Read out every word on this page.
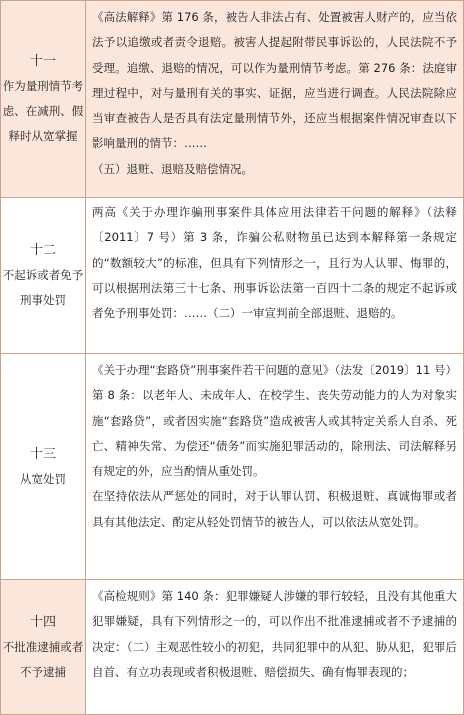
十一
作为量刑情节考
虑、在减刑、假
释时从宽掌握

《高法解释》第 176 条，被告人非法占有、处置被害人财产的，应当依法予以追缴或者责令退赔。被害人提起附带民事诉讼的，人民法院不予受理。追缴、退赔的情况，可以作为量刑情节考虑。第 276 条：法庭审理过程中，对与量刑有关的事实、证据，应当进行调查。人民法院除应当审查被告人是否具有法定量刑情节外，还应当根据案件情况审查以下影响量刑的情节：……

（五）退赃、退赔及赔偿情况。

十二
不起诉或者免予
刑事处罚

两高《关于办理诈骗刑事案件具体应用法律若干问题的解释》（法释〔2011〕7 号）第 3 条，诈骗公私财物虽已达到本解释第一条规定的“数额较大”的标准，但具有下列情形之一，且行为人认罪、悔罪的，可以根据刑法第三十七条、刑事诉讼法第一百四十二条的规定不起诉或者免予刑事处罚：……（二）一审宣判前全部退赃、退赔的。

十三
从宽处罚

《关于办理“套路贷”刑事案件若干问题的意见》（法发〔2019〕11 号）第 8 条：以老年人、未成年人、在校学生、丧失劳动能力的人为对象实施“套路贷”，或者因实施“套路贷”造成被害人或其特定关系人自杀、死亡、精神失常、为偿还“债务”而实施犯罪活动的，除刑法、司法解释另有规定的外，应当酌情从重处罚。

在坚持依法从严惩处的同时，对于认罪认罚、积极退赃、真诚悔罪或者具有其他法定、酌定从轻处罚情节的被告人，可以依法从宽处罚。

十四
不批准逮捕或者
不予逮捕

《高检规则》第 140 条：犯罪嫌疑人涉嫌的罪行较轻，且没有其他重大犯罪嫌疑，具有下列情形之一的，可以作出不批准逮捕或者不予逮捕的决定：（二）主观恶性较小的初犯，共同犯罪中的从犯、胁从犯，犯罪后自首、有立功表现或者积极退赃、赔偿损失、确有悔罪表现的；
